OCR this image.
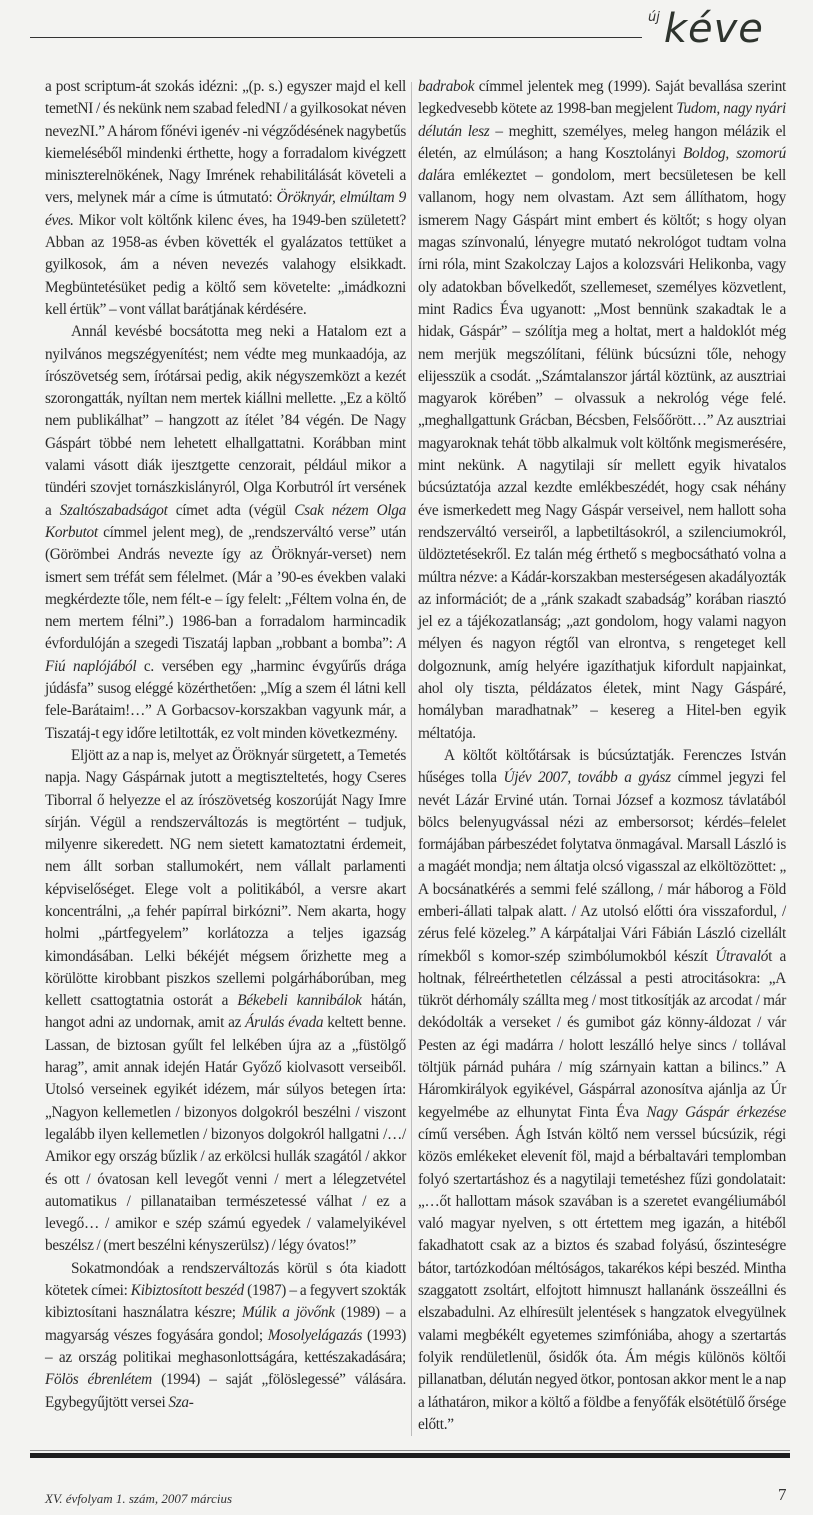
új kéve

a post scriptum-át szokás idézni: „(p. s.) egyszer majd el kell temetNI / és nekünk nem szabad feledNI / a gyilkosokat néven nevezNI.” A három főnévi igenév -ni végződésének nagybetűs kiemeléséből mindenki érthette, hogy a forradalom kivégzett miniszterelnökének, Nagy Imrének rehabilitálását követeli a vers, melynek már a címe is útmutató: Öröknyár, elmúltam 9 éves. Mikor volt költőnk kilenc éves, ha 1949-ben született? Abban az 1958-as évben követték el gyalázatos tettüket a gyilkosok, ám a néven nevezés valahogy elsikkadt. Megbüntetésüket pedig a költő sem követelte: „imádkozni kell értük” – vont vállat barátjának kérdésére.

Annál kevésbé bocsátotta meg neki a Hatalom ezt a nyilvános megszégyenítést; nem védte meg munkaadója, az írószövetség sem, írótársai pedig, akik négyszemközt a kezét szorongatták, nyíltan nem mertek kiállni mellette. „Ez a költő nem publikálhat” – hangzott az ítélet ’84 végén. De Nagy Gáspárt többé nem lehetett elhallgattatni. Korábban mint valami vásott diák ijesztgette cenzorait, például mikor a tündéri szovjet tornászkislányról, Olga Korbutról írt versének a Szaltószabadságot címet adta (végül Csak nézem Olga Korbutot címmel jelent meg), de „rendszerváltó verse” után (Görömbei András nevezte így az Öröknyár-verset) nem ismert sem tréfát sem félelmet. (Már a ’90-es években valaki megkérdezte tőle, nem félt-e – így felelt: „Féltem volna én, de nem mertem félni”.) 1986-ban a forradalom harmincadik évfordulóján a szegedi Tiszatáj lapban „robbant a bomba”: A Fiú naplójából c. versében egy „harminc évgyűrűs drága júdásfa” susog eléggé közérthetően: „Míg a szem él látni kell fele-Barátaim!…” A Gorbacsov-korszakban vagyunk már, a Tiszatáj-t egy időre letiltották, ez volt minden következmény.

Eljött az a nap is, melyet az Öröknyár sürgetett, a Temetés napja. Nagy Gáspárnak jutott a megtiszteltetés, hogy Cseres Tiborral ő helyezze el az írószövetség koszorúját Nagy Imre sírján. Végül a rendszerváltozás is megtörtént – tudjuk, milyenre sikeredett. NG nem sietett kamatoztatni érdemeit, nem állt sorban stallumokért, nem vállalt parlamenti képviselőséget. Elege volt a politikából, a versre akart koncentrálni, „a fehér papírral birkózni”. Nem akarta, hogy holmi „pártfegyelem” korlátozza a teljes igazság kimondásában. Lelki békéjét mégsem őrizhette meg a körülötte kirobbant piszkos szellemi polgárháborúban, meg kellett csattogtatnia ostorát a Békebeli kannibálok hátán, hangot adni az undornak, amit az Árulás évada keltett benne. Lassan, de biztosan gyűlt fel lelkében újra az a „füstölgő harag”, amit annak idején Határ Győző kiolvasott verseiből. Utolsó verseinek egyikét idézem, már súlyos betegen írta: „Nagyon kellemetlen / bizonyos dolgokról beszélni / viszont legalább ilyen kellemetlen / bizonyos dolgokról hallgatni /…/ Amikor egy ország bűzlik / az erkölcsi hullák szagától / akkor és ott / óvatosan kell levegőt venni / mert a lélegzetvétel automatikus / pillanataiban természetessé válhat / ez a levegő… / amikor e szép számú egyedek / valamelyikével beszélsz / (mert beszélni kényszerülsz) / légy óvatos!”

Sokatmondóak a rendszerváltozás körül s óta kiadott kötetek címei: Kibiztosított beszéd (1987) – a fegyvert szokták kibiztosítani használatra készre; Múlik a jövőnk (1989) – a magyarság vészes fogyására gondol; Mosolyelágazás (1993) – az ország politikai meghasonlottságára, kettészakadására; Fölös ébrenlétem (1994) – saját „fölöslegessé” válására. Egybegyűjtött versei Sza-

badrabok címmel jelentek meg (1999). Saját bevallása szerint legkedvesebb kötete az 1998-ban megjelent Tudom, nagy nyári délután lesz – meghitt, személyes, meleg hangon mélázik el életén, az elmúláson; a hang Kosztolányi Boldog, szomorú dalára emlékeztet – gondolom, mert becsületesen be kell vallanom, hogy nem olvastam. Azt sem állíthatom, hogy ismerem Nagy Gáspárt mint embert és költőt; s hogy olyan magas színvonalú, lényegre mutató nekrológot tudtam volna írni róla, mint Szakolczay Lajos a kolozsvári Helikonba, vagy oly adatokban bővelkedőt, szellemeset, személyes közvetlent, mint Radics Éva ugyanott: „Most bennünk szakadtak le a hidak, Gáspár” – szólítja meg a holtat, mert a haldoklót még nem merjük megszólítani, félünk búcsúzni tőle, nehogy elijesszük a csodát. „Számtalanszor jártál köztünk, az ausztriai magyarok körében” – olvassuk a nekrológ vége felé. „meghallgattunk Grácban, Bécsben, Felsőőrött…” Az ausztriai magyaroknak tehát több alkalmuk volt költőnk megismerésére, mint nekünk. A nagytilaji sír mellett egyik hivatalos búcsúztatója azzal kezdte emlékbeszédét, hogy csak néhány éve ismerkedett meg Nagy Gáspár verseivel, nem hallott soha rendszerváltó verseiről, a lapbetiltásokról, a szilenciumokról, üldöztetésekről. Ez talán még érthető s megbocsátható volna a múltra nézve: a Kádár-korszakban mesterségesen akadályozták az információt; de a „ránk szakadt szabadság” korában riasztó jel ez a tájékozatlanság; „azt gondolom, hogy valami nagyon mélyen és nagyon régtől van elrontva, s rengeteget kell dolgoznunk, amíg helyére igazíthatjuk kifordult napjainkat, ahol oly tiszta, példázatos életek, mint Nagy Gáspáré, homályban maradhatnak” – kesereg a Hitel-ben egyik méltatója.

A költőt költőtársak is búcsúztatják. Ferenczes István hűséges tolla Újév 2007, tovább a gyász címmel jegyzi fel nevét Lázár Erviné után. Tornai József a kozmosz távlatából bölcs belenyugvással nézi az embersorsot; kérdés–felelet formájában párbeszédet folytatva önmagával. Marsall László is a magáét mondja; nem áltatja olcsó vigasszal az elköltözöttet: „ A bocsánatkérés a semmi felé szállong, / már háborog a Föld emberi-állati talpak alatt. / Az utolsó előtti óra visszafordul, / zérus felé közeleg.” A kárpátaljai Vári Fábián László cizellált rímekből s komor-szép szimbólumokból készít Útravalót a holtnak, félreérthetetlen célzással a pesti atrocitásokra: „A tükröt dérhomály szállta meg / most titkosítják az arcodat / már dekódolták a verseket / és gumibot gáz könny-áldozat / vár Pesten az égi madárra / holott leszálló helye sincs / tollával töltjük párnád puhára / míg szárnyain kattan a bilincs.” A Háromkirályok egyikével, Gáspárral azonosítva ajánlja az Úr kegyelmébe az elhunytat Finta Éva Nagy Gáspár érkezése című versében. Ágh István költő nem verssel búcsúzik, régi közös emlékeket elevenít föl, majd a bérbaltavári templomban folyó szertartáshoz és a nagytilaji temetéshez fűzi gondolatait: „…őt hallottam mások szavában is a szeretet evangéliumából való magyar nyelven, s ott értettem meg igazán, a hitéből fakadhatott csak az a biztos és szabad folyású, őszinteségre bátor, tartózkodóan méltóságos, takarékos képi beszéd. Mintha szaggatott zsoltárt, elfojtott himnuszt hallanánk összeállni és elszabadulni. Az elhíresült jelentések s hangzatok elvegyülnek valami megbékélt egyetemes szimfóniába, ahogy a szertartás folyik rendületlenül, ősidők óta. Ám mégis különös költői pillanatban, délután negyed ötkor, pontosan akkor ment le a nap a láthatáron, mikor a költő a földbe a fenyőfák elsötétülő őrsége előtt.”

XV. évfolyam 1. szám, 2007 március	7
